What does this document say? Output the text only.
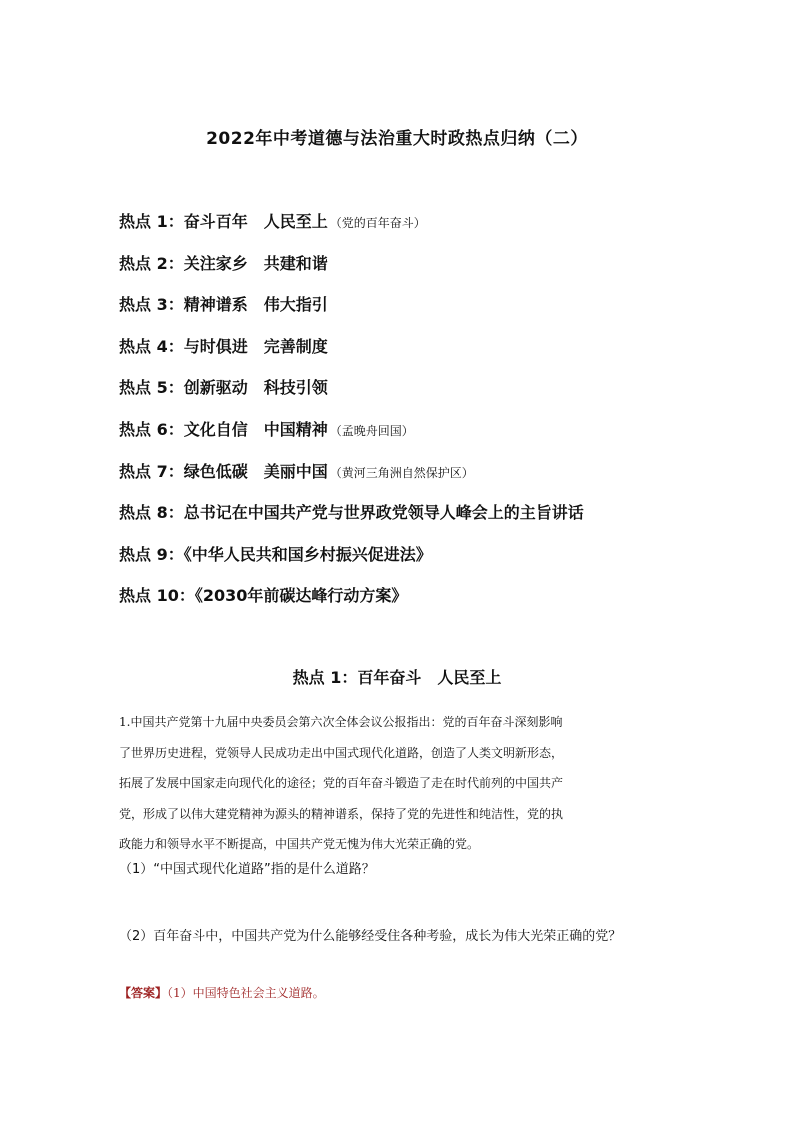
2022年中考道德与法治重大时政热点归纳（二）
热点 1：奋斗百年　人民至上 （党的百年奋斗）
热点 2：关注家乡　共建和谐
热点 3：精神谱系　伟大指引
热点 4：与时俱进　完善制度
热点 5：创新驱动　科技引领
热点 6：文化自信　中国精神 （孟晚舟回国）
热点 7：绿色低碳　美丽中国 （黄河三角洲自然保护区）
热点 8：总书记在中国共产党与世界政党领导人峰会上的主旨讲话
热点 9：《中华人民共和国乡村振兴促进法》
热点 10：《2030年前碳达峰行动方案》
热点 1：百年奋斗　人民至上
1.中国共产党第十九届中央委员会第六次全体会议公报指出：党的百年奋斗深刻影响
了世界历史进程，党领导人民成功走出中国式现代化道路，创造了人类文明新形态，
拓展了发展中国家走向现代化的途径；党的百年奋斗锻造了走在时代前列的中国共产
党，形成了以伟大建党精神为源头的精神谱系，保持了党的先进性和纯洁性，党的执
政能力和领导水平不断提高，中国共产党无愧为伟大光荣正确的党。
（1）“中国式现代化道路”指的是什么道路？
（2）百年奋斗中，中国共产党为什么能够经受住各种考验，成长为伟大光荣正确的党？
【答案】（1）中国特色社会主义道路。
